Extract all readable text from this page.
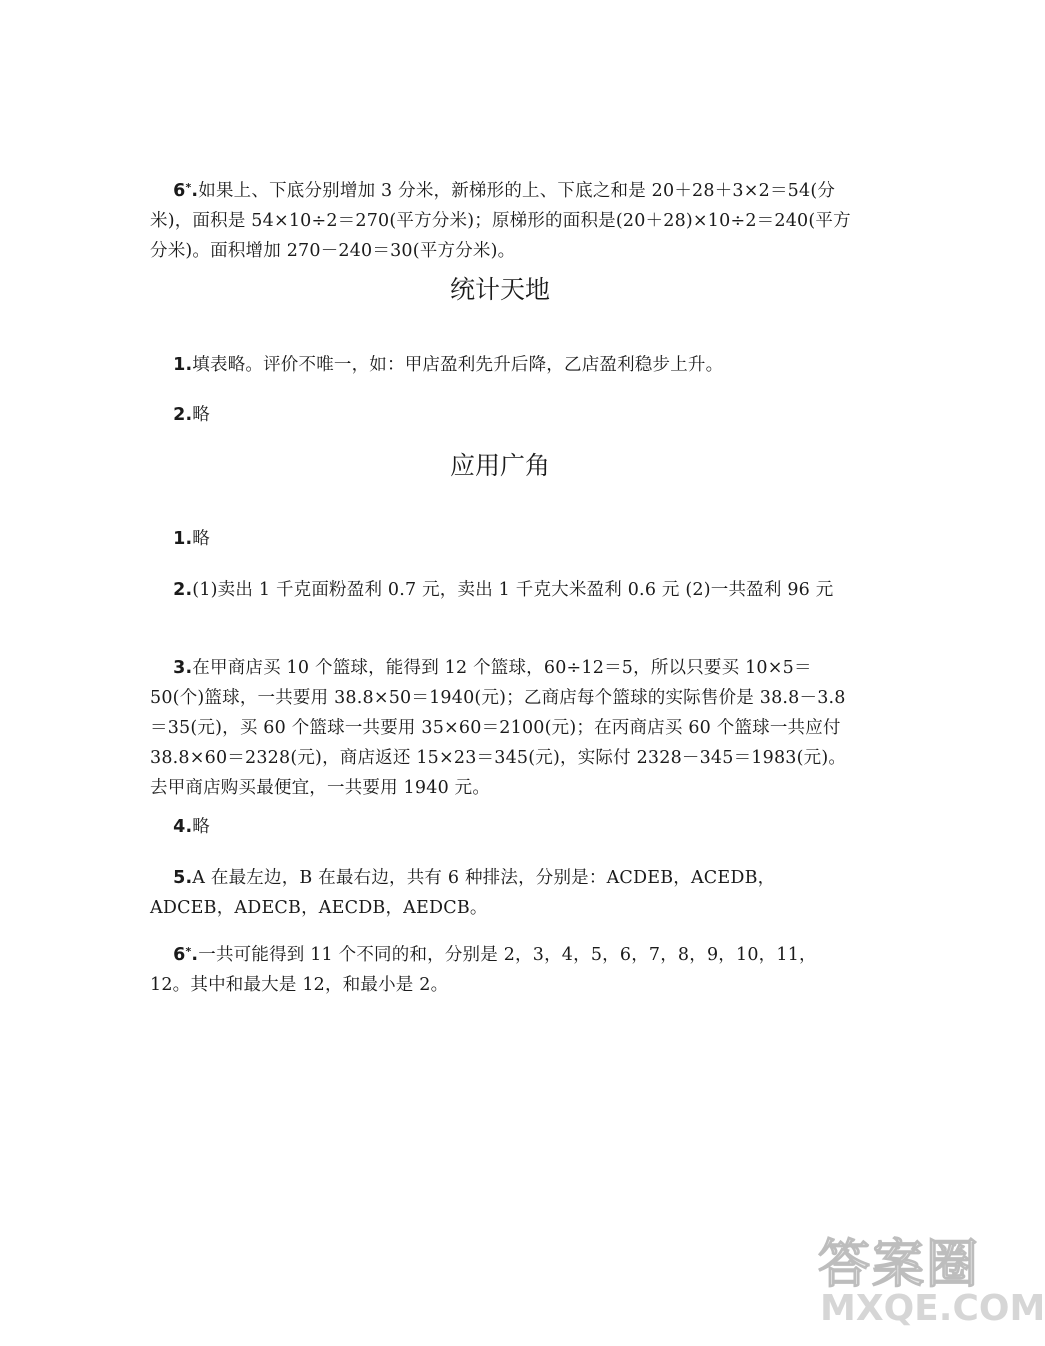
6*.如果上、下底分别增加 3 分米，新梯形的上、下底之和是 20＋28＋3×2＝54(分米)，面积是 54×10÷2＝270(平方分米)；原梯形的面积是(20＋28)×10÷2＝240(平方分米)。面积增加 270－240＝30(平方分米)。

统计天地

1.填表略。评价不唯一，如：甲店盈利先升后降，乙店盈利稳步上升。

2.略

应用广角

1.略

2.(1)卖出 1 千克面粉盈利 0.7 元，卖出 1 千克大米盈利 0.6 元 (2)一共盈利 96 元

3.在甲商店买 10 个篮球，能得到 12 个篮球，60÷12＝5，所以只要买 10×5＝50(个)篮球，一共要用 38.8×50＝1940(元)；乙商店每个篮球的实际售价是 38.8－3.8＝35(元)，买 60 个篮球一共要用 35×60＝2100(元)；在丙商店买 60 个篮球一共应付 38.8×60＝2328(元)，商店返还 15×23＝345(元)，实际付 2328－345＝1983(元)。去甲商店购买最便宜，一共要用 1940 元。

4.略

5.A 在最左边，B 在最右边，共有 6 种排法，分别是：ACDEB，ACEDB，ADCEB，ADECB，AECDB，AEDCB。

6*.一共可能得到 11 个不同的和，分别是 2，3，4，5，6，7，8，9，10，11，12。其中和最大是 12，和最小是 2。

答案圈
MXQE.COM
